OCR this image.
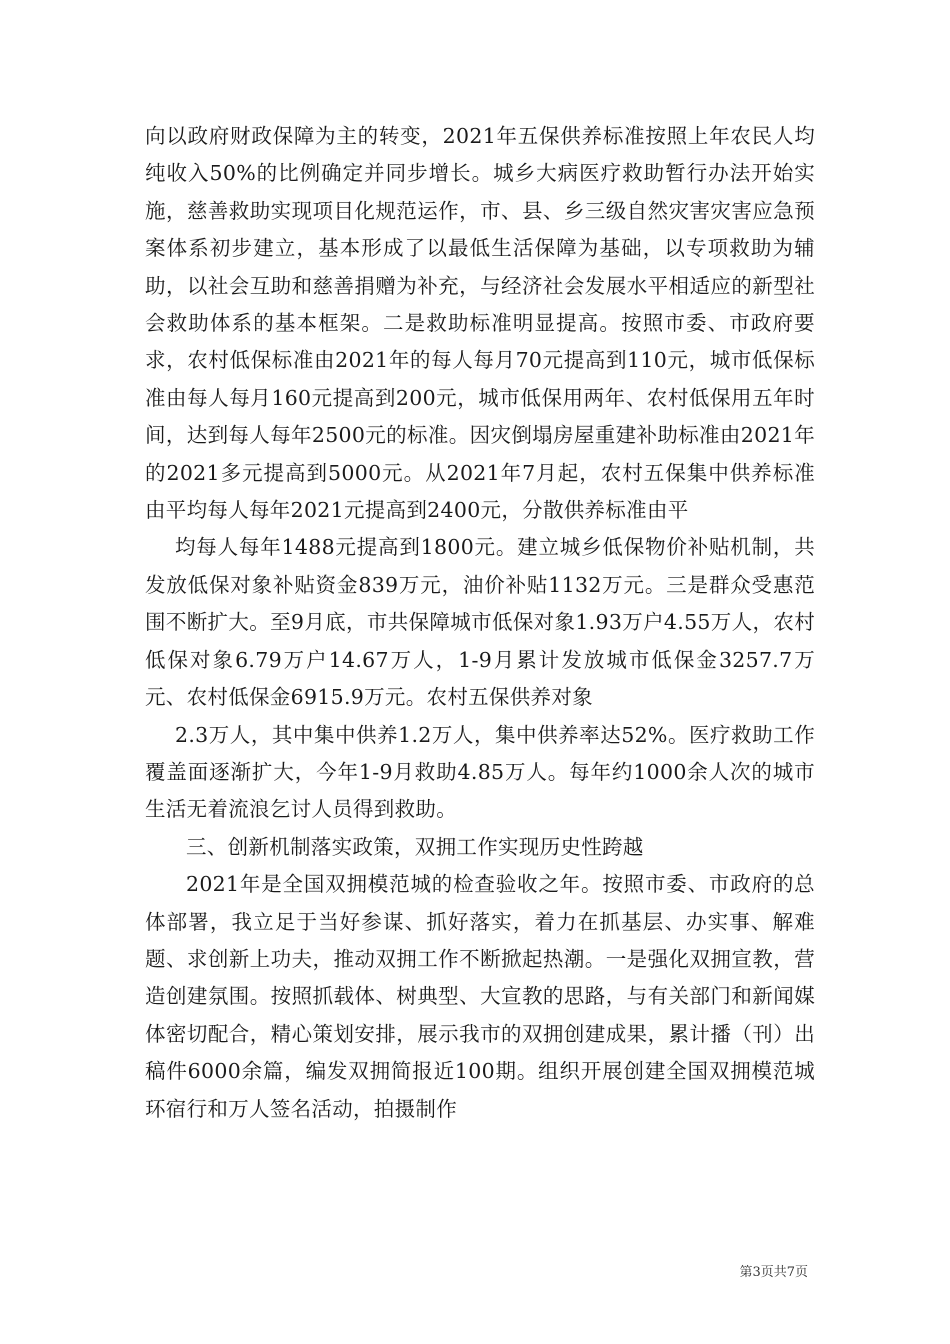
向以政府财政保障为主的转变，2021年五保供养标准按照上年农民人均纯收入50%的比例确定并同步增长。城乡大病医疗救助暂行办法开始实施，慈善救助实现项目化规范运作，市、县、乡三级自然灾害灾害应急预案体系初步建立，基本形成了以最低生活保障为基础，以专项救助为辅助，以社会互助和慈善捐赠为补充，与经济社会发展水平相适应的新型社会救助体系的基本框架。二是救助标准明显提高。按照市委、市政府要求，农村低保标准由2021年的每人每月70元提高到110元，城市低保标准由每人每月160元提高到200元，城市低保用两年、农村低保用五年时间，达到每人每年2500元的标准。因灾倒塌房屋重建补助标准由2021年的2021多元提高到5000元。从2021年7月起，农村五保集中供养标准由平均每人每年2021元提高到2400元，分散供养标准由平

均每人每年1488元提高到1800元。建立城乡低保物价补贴机制，共发放低保对象补贴资金839万元，油价补贴1132万元。三是群众受惠范围不断扩大。至9月底，市共保障城市低保对象1.93万户4.55万人，农村低保对象6.79万户14.67万人，1-9月累计发放城市低保金3257.7万元、农村低保金6915.9万元。农村五保供养对象

2.3万人，其中集中供养1.2万人，集中供养率达52%。医疗救助工作覆盖面逐渐扩大，今年1-9月救助4.85万人。每年约1000余人次的城市生活无着流浪乞讨人员得到救助。

三、创新机制落实政策，双拥工作实现历史性跨越

2021年是全国双拥模范城的检查验收之年。按照市委、市政府的总体部署，我立足于当好参谋、抓好落实，着力在抓基层、办实事、解难题、求创新上功夫，推动双拥工作不断掀起热潮。一是强化双拥宣教，营造创建氛围。按照抓载体、树典型、大宣教的思路，与有关部门和新闻媒体密切配合，精心策划安排，展示我市的双拥创建成果，累计播（刊）出稿件6000余篇，编发双拥简报近100期。组织开展创建全国双拥模范城环宿行和万人签名活动，拍摄制作

第3页共7页
